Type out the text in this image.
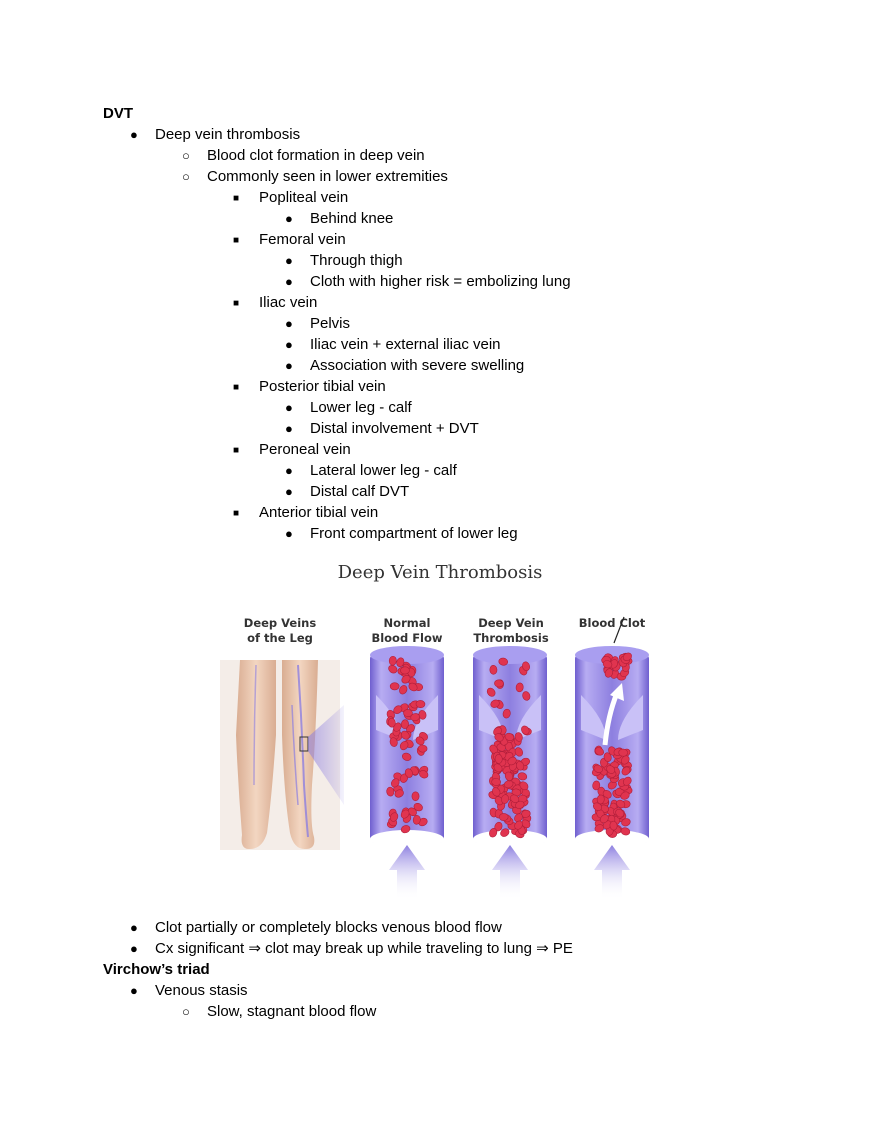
DVT
● Deep vein thrombosis
○ Blood clot formation in deep vein
○ Commonly seen in lower extremities
■ Popliteal vein
● Behind knee
■ Femoral vein
● Through thigh
● Cloth with higher risk = embolizing lung
■ Iliac vein
● Pelvis
● Iliac vein + external iliac vein
● Association with severe swelling
■ Posterior tibial vein
● Lower leg - calf
● Distal involvement + DVT
■ Peroneal vein
● Lateral lower leg - calf
● Distal calf DVT
■ Anterior tibial vein
● Front compartment of lower leg
Deep Vein Thrombosis
Deep Veins
of the Leg
Normal
Blood Flow
Deep Vein
Thrombosis
Blood Clot
● Clot partially or completely blocks venous blood flow
● Cx significant ⇒ clot may break up while traveling to lung ⇒ PE
Virchow’s triad
● Venous stasis
○ Slow, stagnant blood flow
